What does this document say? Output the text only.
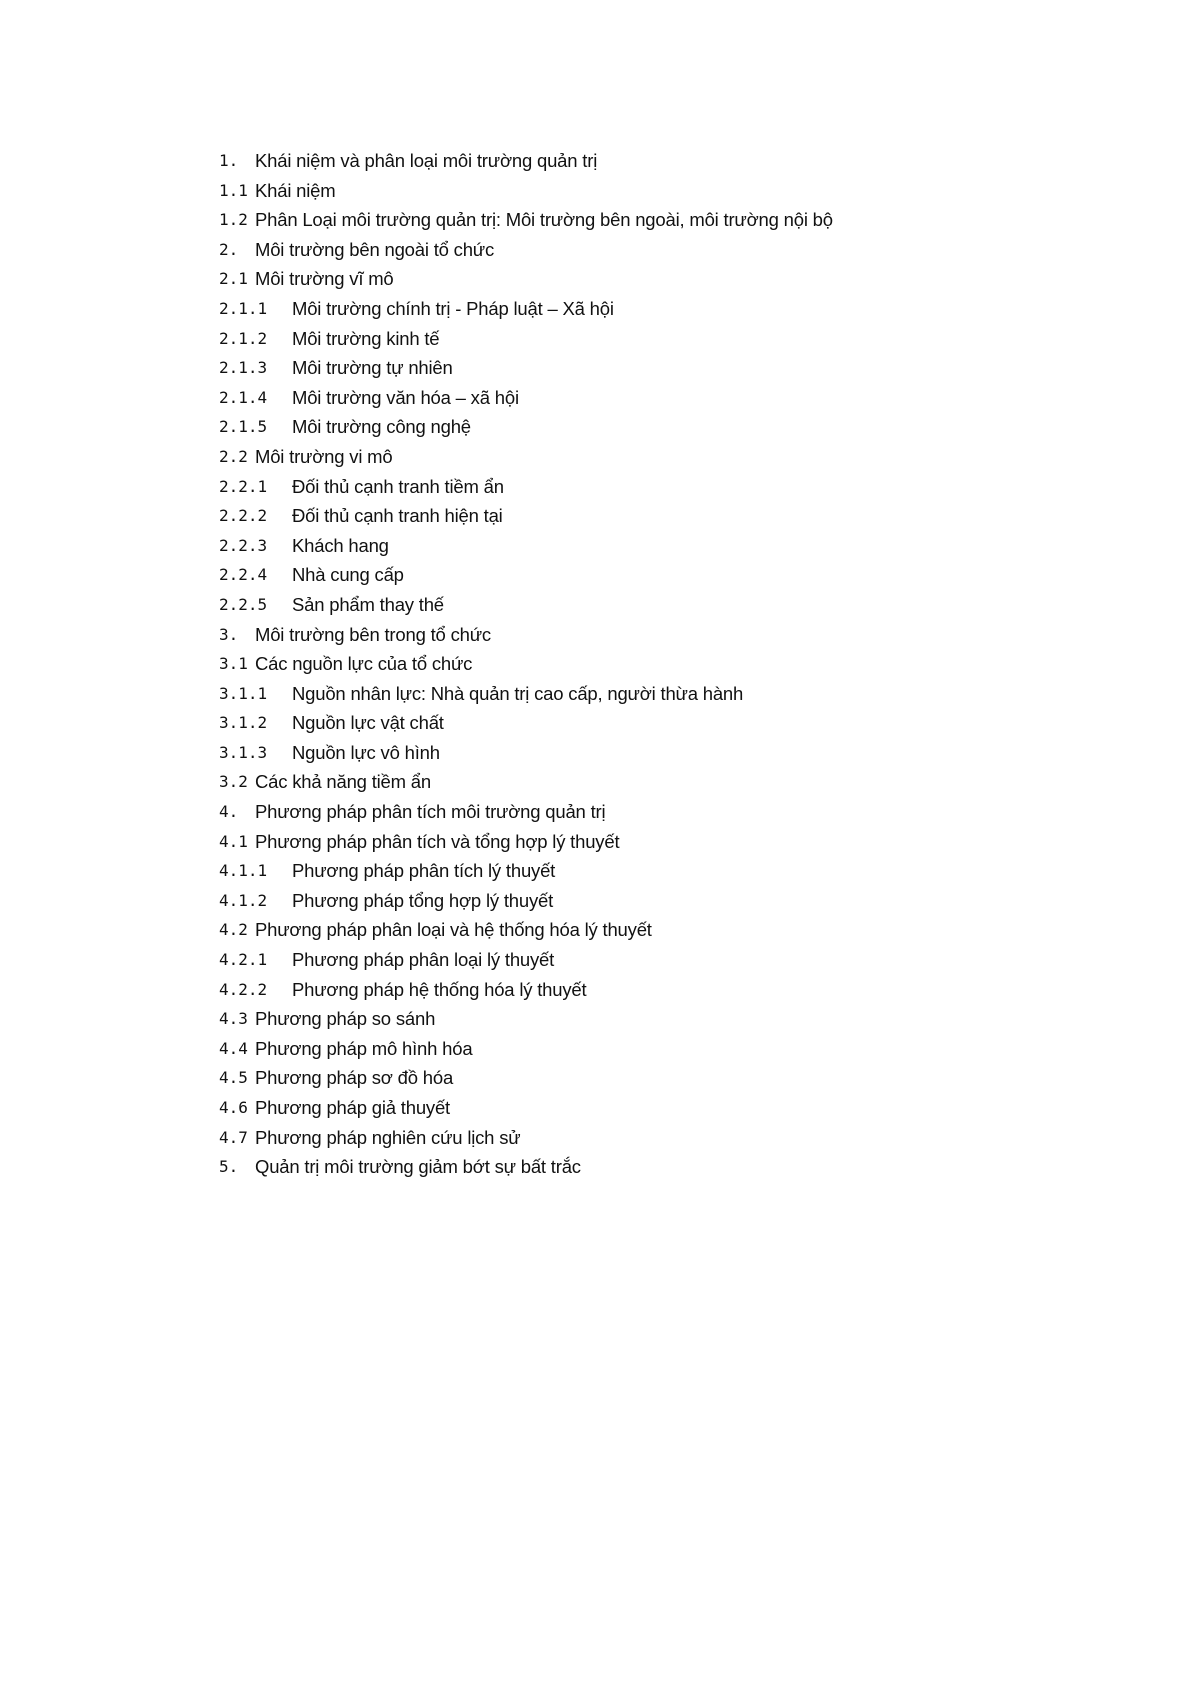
1. Khái niệm và phân loại môi trường quản trị
1.1 Khái niệm
1.2 Phân Loại môi trường quản trị: Môi trường bên ngoài, môi trường nội bộ
2. Môi trường bên ngoài tổ chức
2.1 Môi trường vĩ mô
2.1.1	Môi trường chính trị - Pháp luật – Xã hội
2.1.2	Môi trường kinh tế
2.1.3	Môi trường tự nhiên
2.1.4	Môi trường văn hóa – xã hội
2.1.5	Môi trường công nghệ
2.2 Môi trường vi mô
2.2.1	Đối thủ cạnh tranh tiềm ẩn
2.2.2	Đối thủ cạnh tranh hiện tại
2.2.3	Khách hang
2.2.4	Nhà cung cấp
2.2.5	Sản phẩm thay thế
3. Môi trường bên trong tổ chức
3.1 Các nguồn lực của tổ chức
3.1.1	Nguồn nhân lực: Nhà quản trị cao cấp, người thừa hành
3.1.2	Nguồn lực vật chất
3.1.3	Nguồn lực vô hình
3.2 Các khả năng tiềm ẩn
4. Phương pháp phân tích môi trường quản trị
4.1 Phương pháp phân tích và tổng hợp lý thuyết
4.1.1	Phương pháp phân tích lý thuyết
4.1.2	Phương pháp tổng hợp lý thuyết
4.2 Phương pháp phân loại và hệ thống hóa lý thuyết
4.2.1	Phương pháp phân loại lý thuyết
4.2.2	Phương pháp hệ thống hóa lý thuyết
4.3 Phương pháp so sánh
4.4 Phương pháp mô hình hóa
4.5 Phương pháp sơ đồ hóa
4.6 Phương pháp giả thuyết
4.7 Phương pháp nghiên cứu lịch sử
5. Quản trị môi trường giảm bớt sự bất trắc
